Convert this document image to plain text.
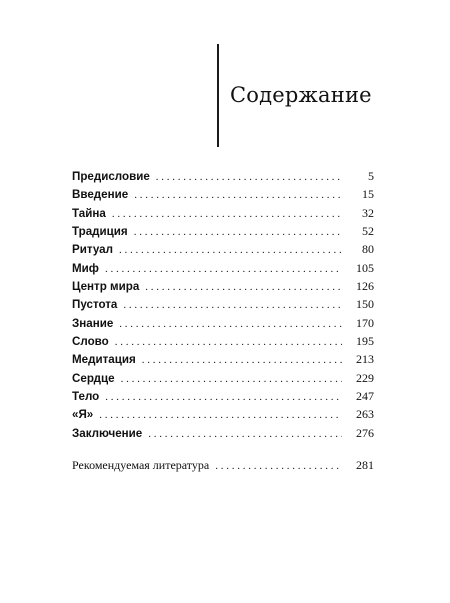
Содержание
Предисловие . . .	5
Введение . . .	15
Тайна . . .	32
Традиция . . .	52
Ритуал . . .	80
Миф . . .	105
Центр мира . . .	126
Пустота . . .	150
Знание . . .	170
Слово . . .	195
Медитация . . .	213
Сердце . . .	229
Тело . . .	247
«Я» . . .	263
Заключение . . .	276
Рекомендуемая литература . . .	281
